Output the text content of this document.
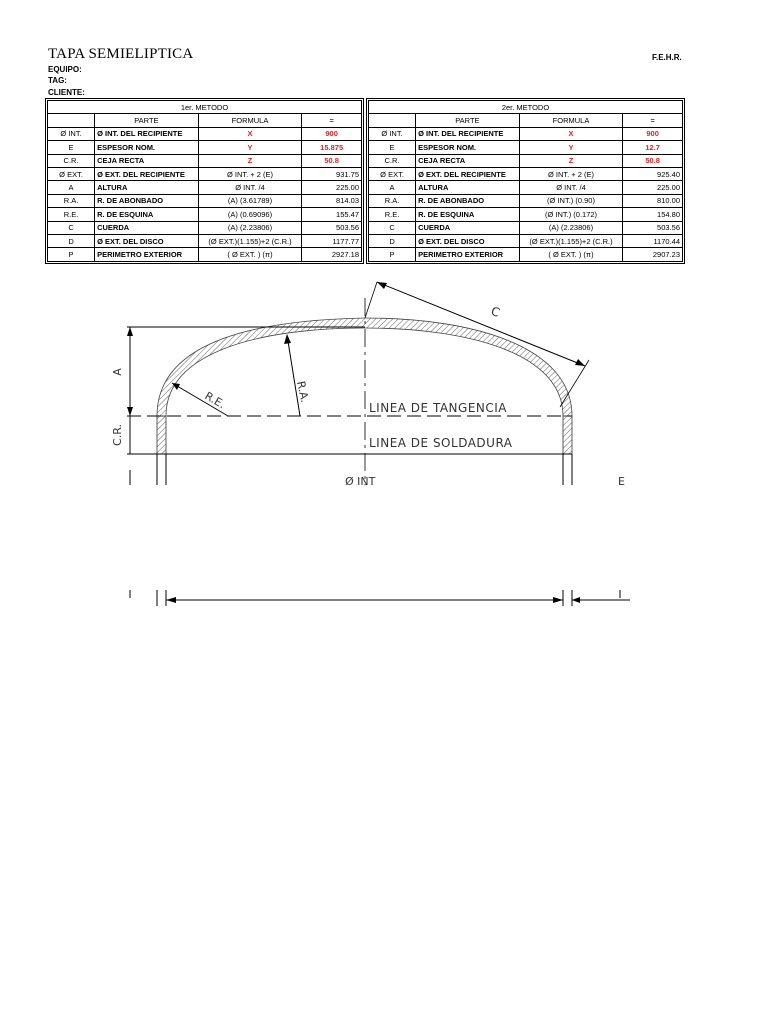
TAPA SEMIELIPTICA	F.E.H.R.
EQUIPO:
TAG:
CLIENTE:
1er. METODO			
	PARTE	FORMULA	=
Ø INT.	Ø INT. DEL RECIPIENTE	X	900
E	ESPESOR NOM.	Y	15.875
C.R.	CEJA RECTA	Z	50.8
Ø EXT.	Ø EXT. DEL RECIPIENTE	Ø INT. + 2 (E)	931.75
A	ALTURA	Ø INT. /4	225.00
R.A.	R. DE ABONBADO	(A) (3.61789)	814.03
R.E.	R. DE ESQUINA	(A) (0.69096)	155.47
C	CUERDA	(A) (2.23806)	503.56
D	Ø EXT. DEL DISCO	(Ø EXT.)(1.155)+2 (C.R.)	1177.77
P	PERIMETRO EXTERIOR	( Ø EXT. ) (π)	2927.18
2er. METODO			
	PARTE	FORMULA	=
Ø INT.	Ø INT. DEL RECIPIENTE	X	900
E	ESPESOR NOM.	Y	12.7
C.R.	CEJA RECTA	Z	50.8
Ø EXT.	Ø EXT. DEL RECIPIENTE	Ø INT. + 2 (E)	925.40
A	ALTURA	Ø INT. /4	225.00
R.A.	R. DE ABONBADO	(Ø INT.) (0.90)	810.00
R.E.	R. DE ESQUINA	(Ø INT.) (0.172)	154.80
C	CUERDA	(A) (2.23806)	503.56
D	Ø EXT. DEL DISCO	(Ø EXT.)(1.155)+2 (C.R.)	1170.44
P	PERIMETRO EXTERIOR	( Ø EXT. ) (π)	2907.23
A
C.R.
R.E.	R.A.
C
LINEA DE TANGENCIA
LINEA DE SOLDADURA
Ø INT	E
